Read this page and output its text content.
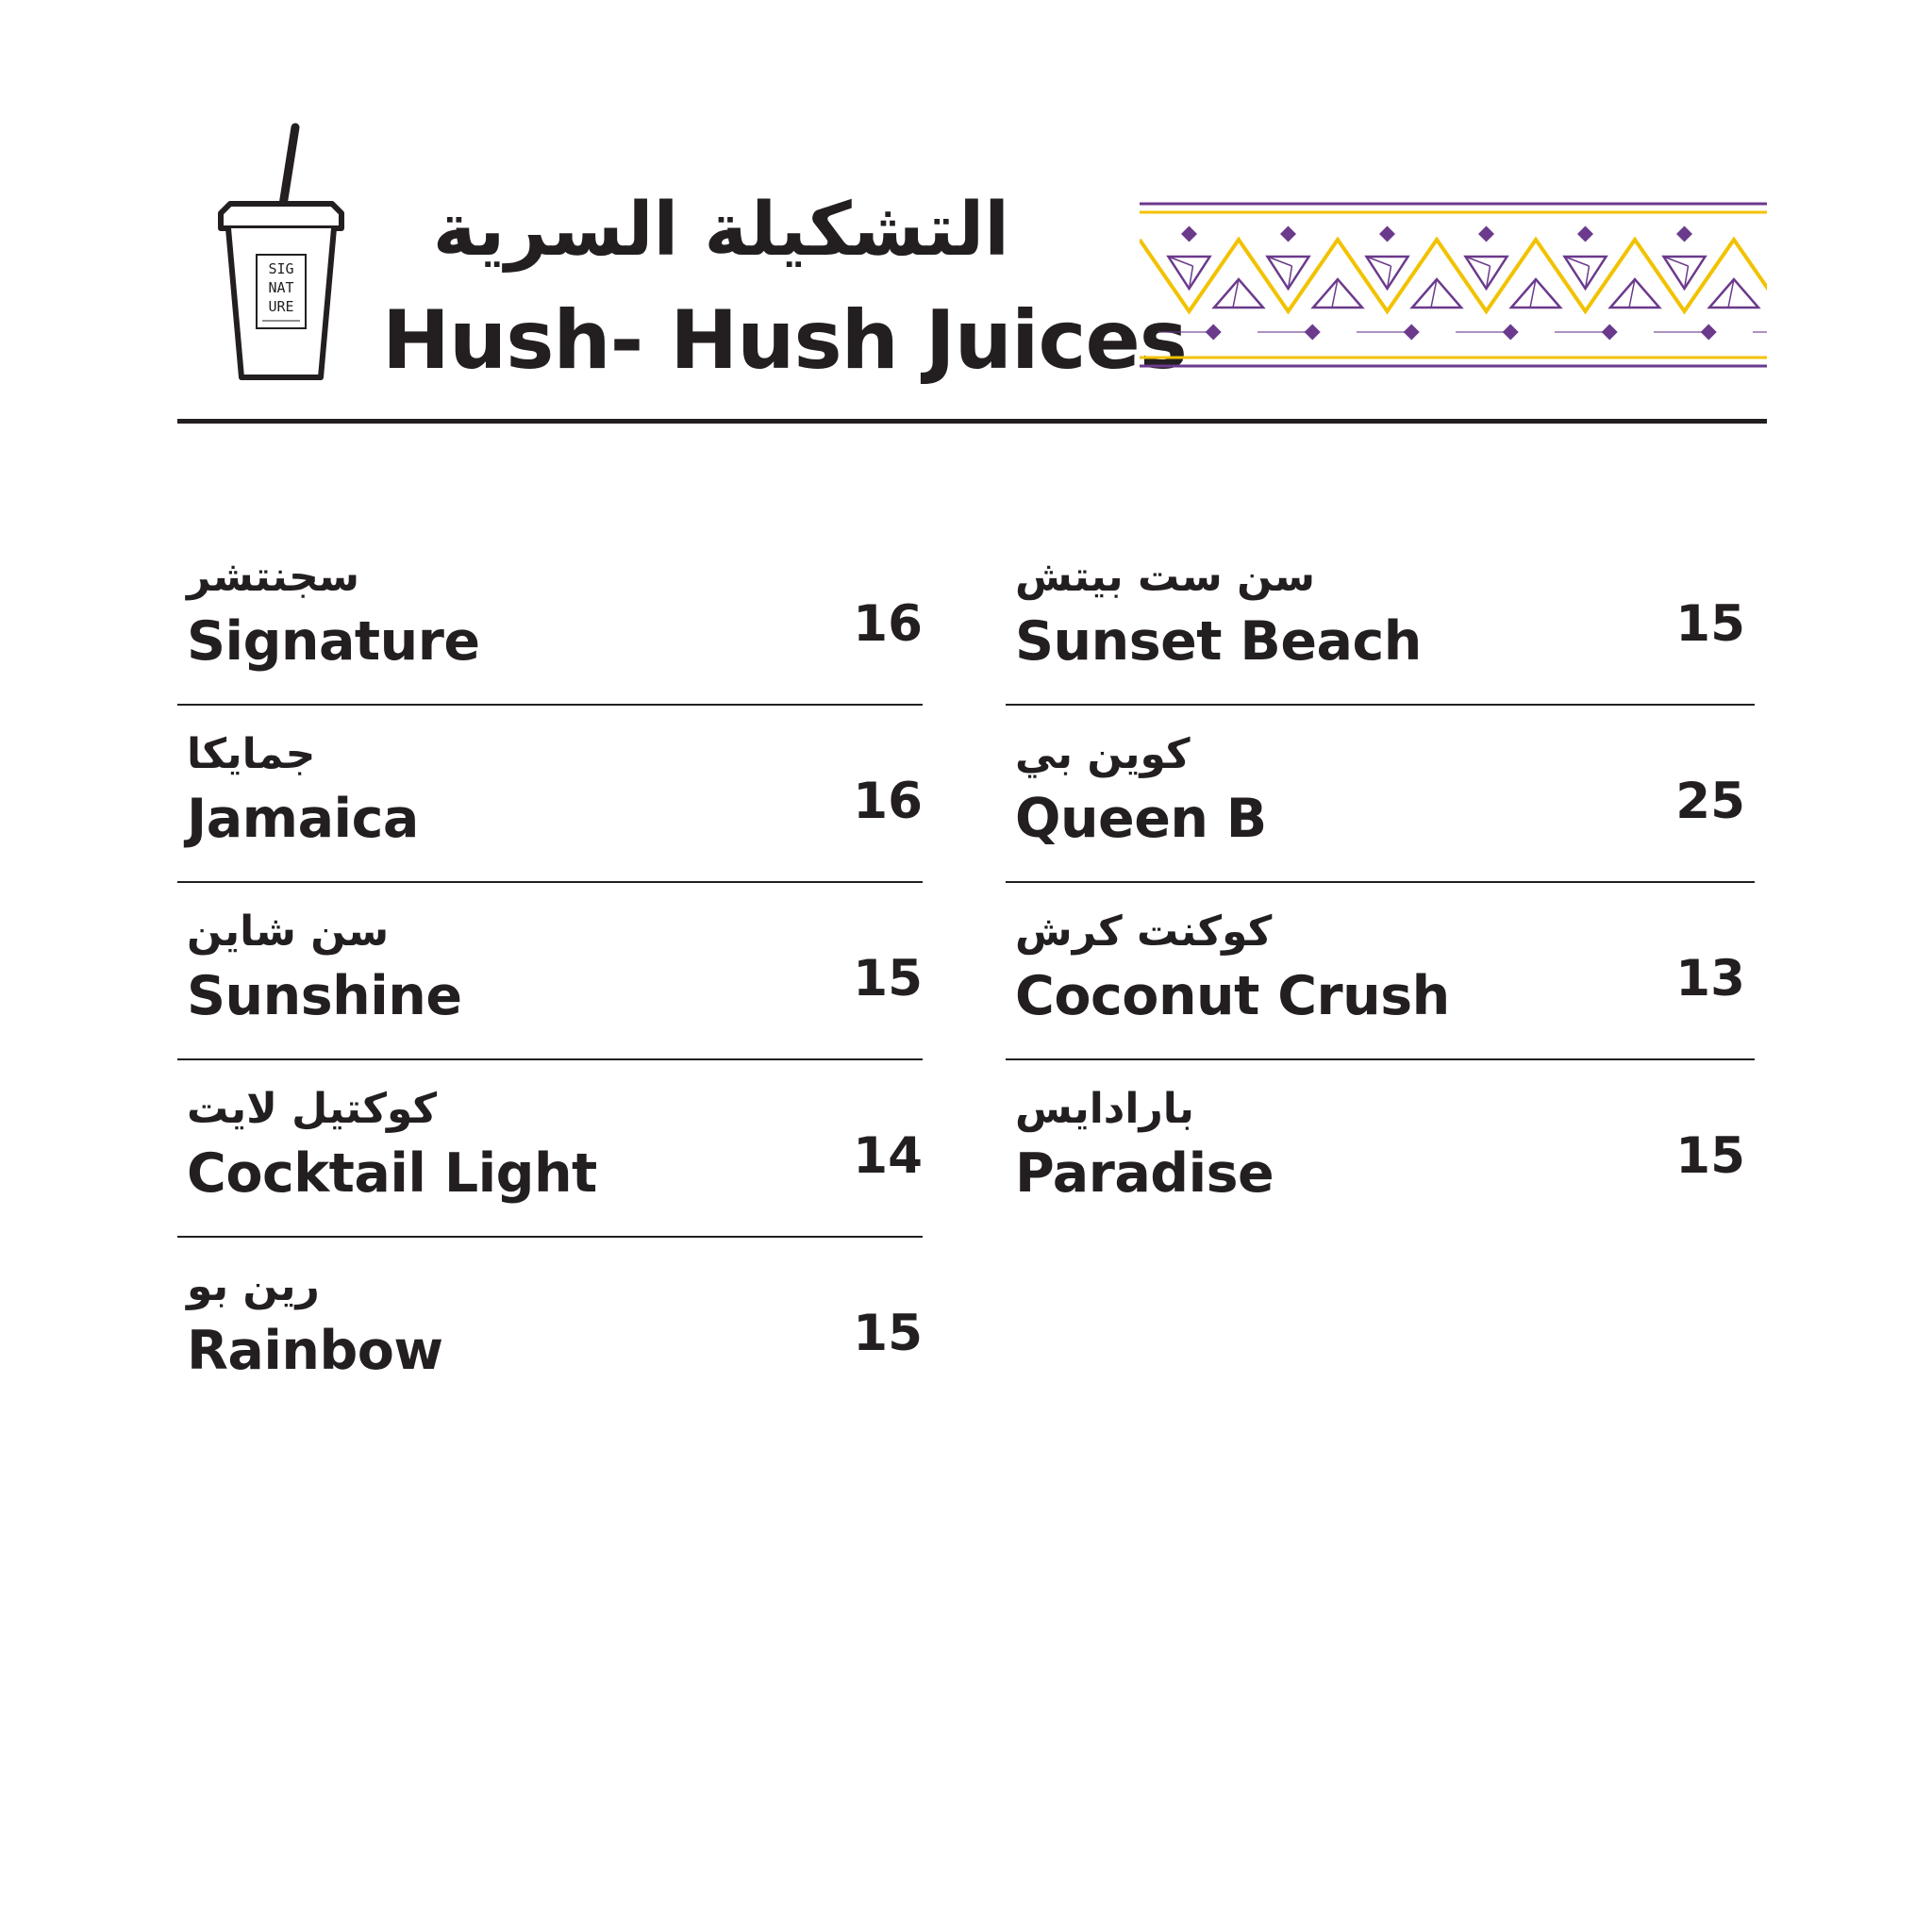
SIG
NAT
URE
التشكيلة السرية
Hush- Hush Juices
سجنتشر
Signature	16
جمايكا
Jamaica	16
سن شاين
Sunshine	15
كوكتيل لايت
Cocktail Light	14
رين بو
Rainbow	15
سن ست بيتش
Sunset Beach	15
كوين بي
Queen B	25
كوكنت كرش
Coconut Crush	13
بارادايس
Paradise	15
